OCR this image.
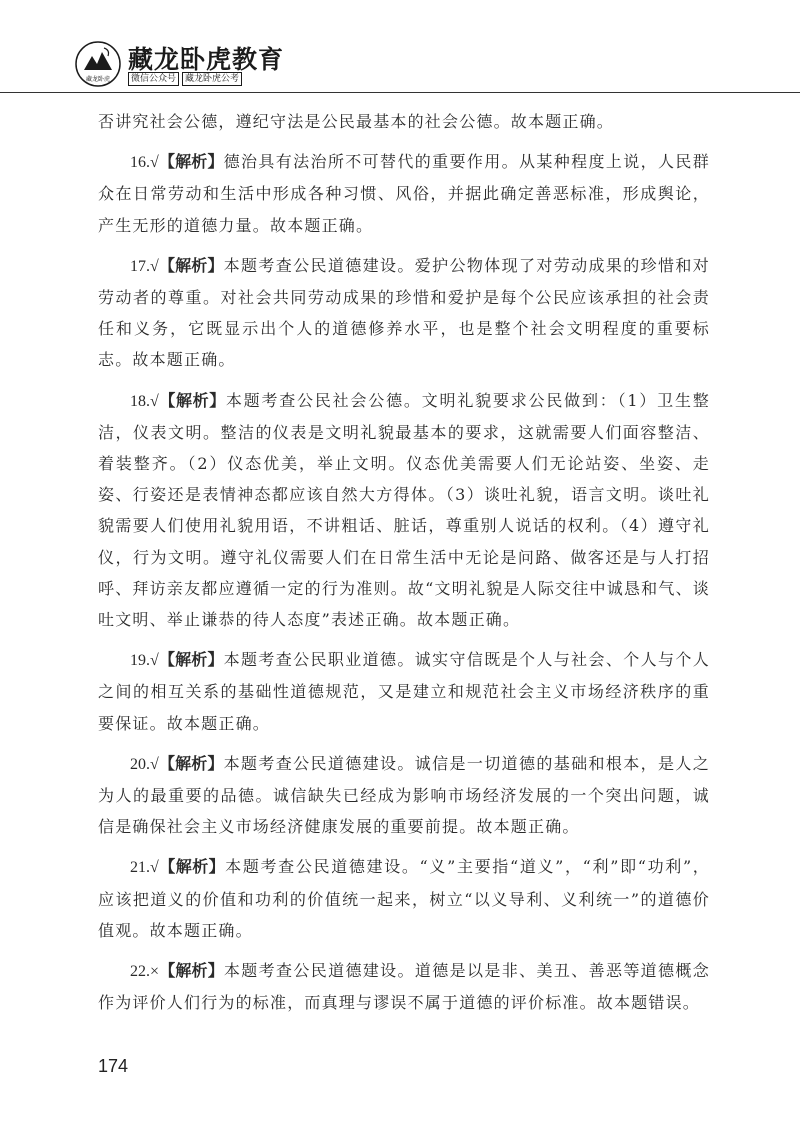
藏龙卧虎
藏龙卧虎教育
微信公众号	藏龙卧虎公考

否讲究社会公德，遵纪守法是公民最基本的社会公德。故本题正确。

16.√【解析】德治具有法治所不可替代的重要作用。从某种程度上说，人民群众在日常劳动和生活中形成各种习惯、风俗，并据此确定善恶标准，形成舆论，产生无形的道德力量。故本题正确。

17.√【解析】本题考查公民道德建设。爱护公物体现了对劳动成果的珍惜和对劳动者的尊重。对社会共同劳动成果的珍惜和爱护是每个公民应该承担的社会责任和义务，它既显示出个人的道德修养水平，也是整个社会文明程度的重要标志。故本题正确。

18.√【解析】本题考查公民社会公德。文明礼貌要求公民做到：（1）卫生整洁，仪表文明。整洁的仪表是文明礼貌最基本的要求，这就需要人们面容整洁、着装整齐。（2）仪态优美，举止文明。仪态优美需要人们无论站姿、坐姿、走姿、行姿还是表情神态都应该自然大方得体。（3）谈吐礼貌，语言文明。谈吐礼貌需要人们使用礼貌用语，不讲粗话、脏话，尊重别人说话的权利。（4）遵守礼仪，行为文明。遵守礼仪需要人们在日常生活中无论是问路、做客还是与人打招呼、拜访亲友都应遵循一定的行为准则。故“文明礼貌是人际交往中诚恳和气、谈吐文明、举止谦恭的待人态度”表述正确。故本题正确。

19.√【解析】本题考查公民职业道德。诚实守信既是个人与社会、个人与个人之间的相互关系的基础性道德规范，又是建立和规范社会主义市场经济秩序的重要保证。故本题正确。

20.√【解析】本题考查公民道德建设。诚信是一切道德的基础和根本，是人之为人的最重要的品德。诚信缺失已经成为影响市场经济发展的一个突出问题，诚信是确保社会主义市场经济健康发展的重要前提。故本题正确。

21.√【解析】本题考查公民道德建设。“义”主要指“道义”，“利”即“功利”，应该把道义的价值和功利的价值统一起来，树立“以义导利、义利统一”的道德价值观。故本题正确。

22.×【解析】本题考查公民道德建设。道德是以是非、美丑、善恶等道德概念作为评价人们行为的标准，而真理与谬误不属于道德的评价标准。故本题错误。

174
